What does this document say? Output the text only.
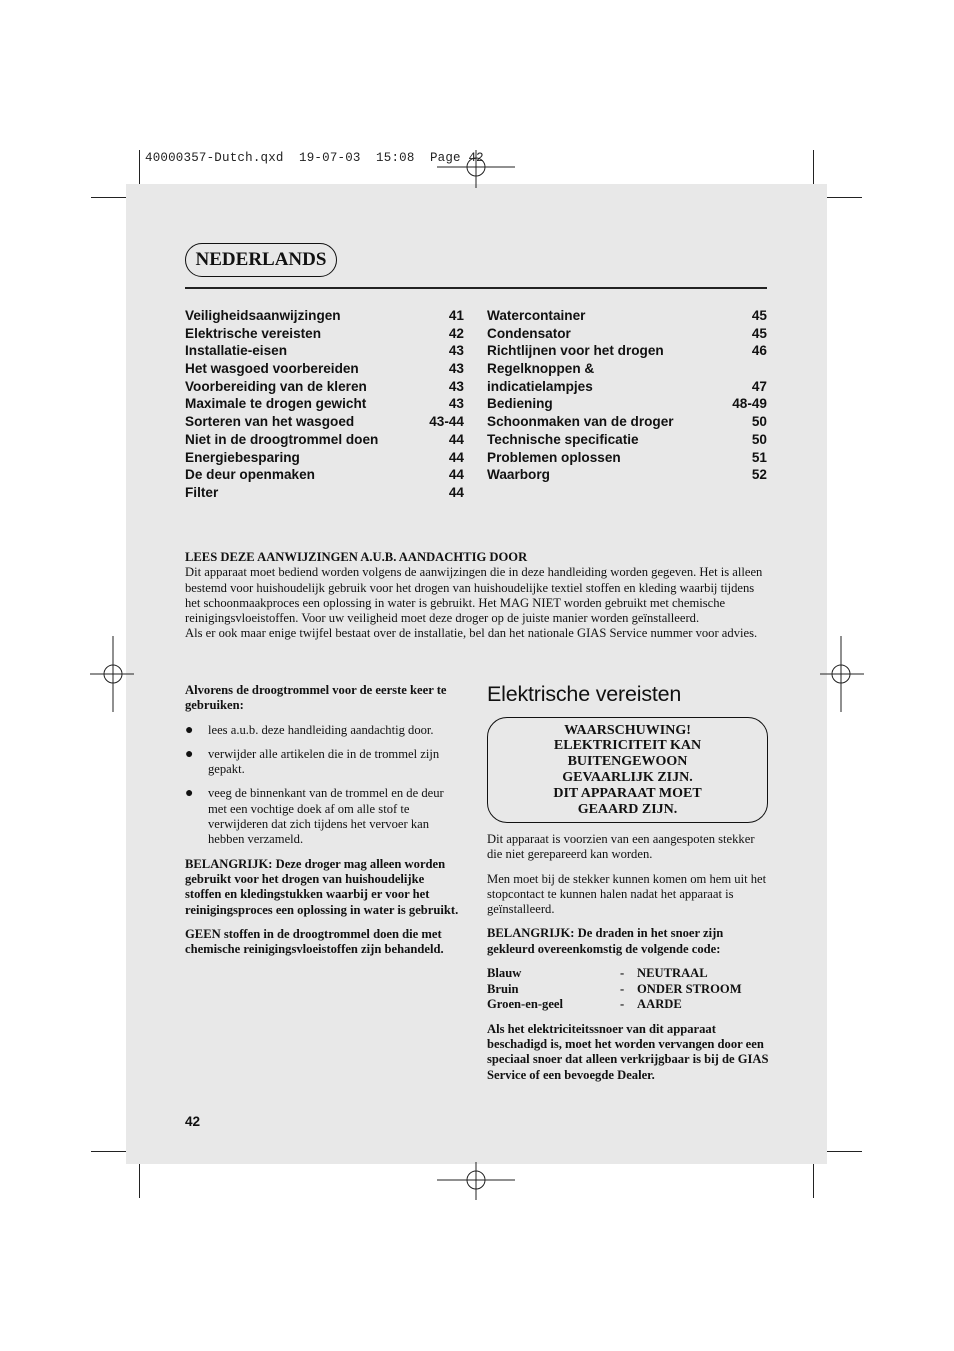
40000357-Dutch.qxd  19-07-03  15:08  Page 42
NEDERLANDS
Veiligheidsaanwijzingen	41
Elektrische vereisten	42
Installatie-eisen	43
Het wasgoed voorbereiden	43
Voorbereiding van de kleren	43
Maximale te drogen gewicht	43
Sorteren van het wasgoed	43-44
Niet in de droogtrommel doen	44
Energiebesparing	44
De deur openmaken	44
Filter	44
Watercontainer	45
Condensator	45
Richtlijnen voor het drogen	46
Regelknoppen &
indicatielampjes	47
Bediening	48-49
Schoonmaken van de droger	50
Technische specificatie	50
Problemen oplossen	51
Waarborg	52
LEES DEZE AANWIJZINGEN A.U.B. AANDACHTIG DOOR
Dit apparaat moet bediend worden volgens de aanwijzingen die in deze handleiding worden gegeven. Het is alleen bestemd voor huishoudelijk gebruik voor het drogen van huishoudelijke textiel stoffen en kleding waarbij tijdens het schoonmaakproces een oplossing in water is gebruikt. Het MAG NIET worden gebruikt met chemische reinigingsvloeistoffen. Voor uw veiligheid moet deze droger op de juiste manier worden geïnstalleerd.
Als er ook maar enige twijfel bestaat over de installatie, bel dan het nationale GIAS Service nummer voor advies.

Alvorens de droogtrommel voor de eerste keer te gebruiken:

●	lees a.u.b. deze handleiding aandachtig door.
●	verwijder alle artikelen die in de trommel zijn gepakt.
●	veeg de binnenkant van de trommel en de deur met een vochtige doek af om alle stof te verwijderen dat zich tijdens het vervoer kan hebben verzameld.

BELANGRIJK: Deze droger mag alleen worden gebruikt voor het drogen van huishoudelijke stoffen en kledingstukken waarbij er voor het reinigingsproces een oplossing in water is gebruikt.

GEEN stoffen in de droogtrommel doen die met chemische reinigingsvloeistoffen zijn behandeld.

Elektrische vereisten
WAARSCHUWING!
ELEKTRICITEIT KAN
BUITENGEWOON
GEVAARLIJK ZIJN.
DIT APPARAAT MOET
GEAARD ZIJN.

Dit apparaat is voorzien van een aangespoten stekker die niet gerepareerd kan worden.

Men moet bij de stekker kunnen komen om hem uit het stopcontact te kunnen halen nadat het apparaat is geïnstalleerd.

BELANGRIJK: De draden in het snoer zijn gekleurd overeenkomstig de volgende code:

Blauw	-	NEUTRAAL
Bruin	-	ONDER STROOM
Groen-en-geel	-	AARDE

Als het elektriciteitssnoer van dit apparaat beschadigd is, moet het worden vervangen door een speciaal snoer dat alleen verkrijgbaar is bij de GIAS Service of een bevoegde Dealer.

42
